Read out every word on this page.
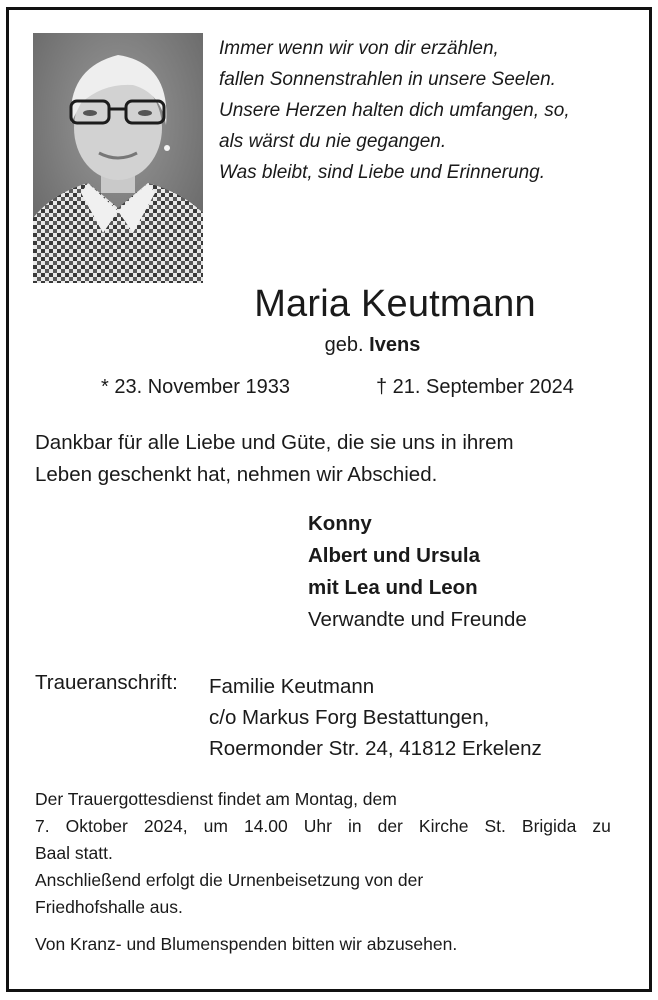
Immer wenn wir von dir erzählen,
fallen Sonnenstrahlen in unsere Seelen.
Unsere Herzen halten dich umfangen, so,
als wärst du nie gegangen.
Was bleibt, sind Liebe und Erinnerung.
Maria Keutmann
geb. Ivens
* 23. November 1933	† 21. September 2024
Dankbar für alle Liebe und Güte, die sie uns in ihrem
Leben geschenkt hat, nehmen wir Abschied.
Konny
Albert und Ursula
mit Lea und Leon
Verwandte und Freunde
Traueranschrift: Familie Keutmann
c/o Markus Forg Bestattungen,
Roermonder Str. 24, 41812 Erkelenz
Der Trauergottesdienst findet am Montag, dem
7. Oktober 2024, um 14.00 Uhr in der Kirche St. Brigida zu
Baal statt.
Anschließend erfolgt die Urnenbeisetzung von der
Friedhofshalle aus.
Von Kranz- und Blumenspenden bitten wir abzusehen.
